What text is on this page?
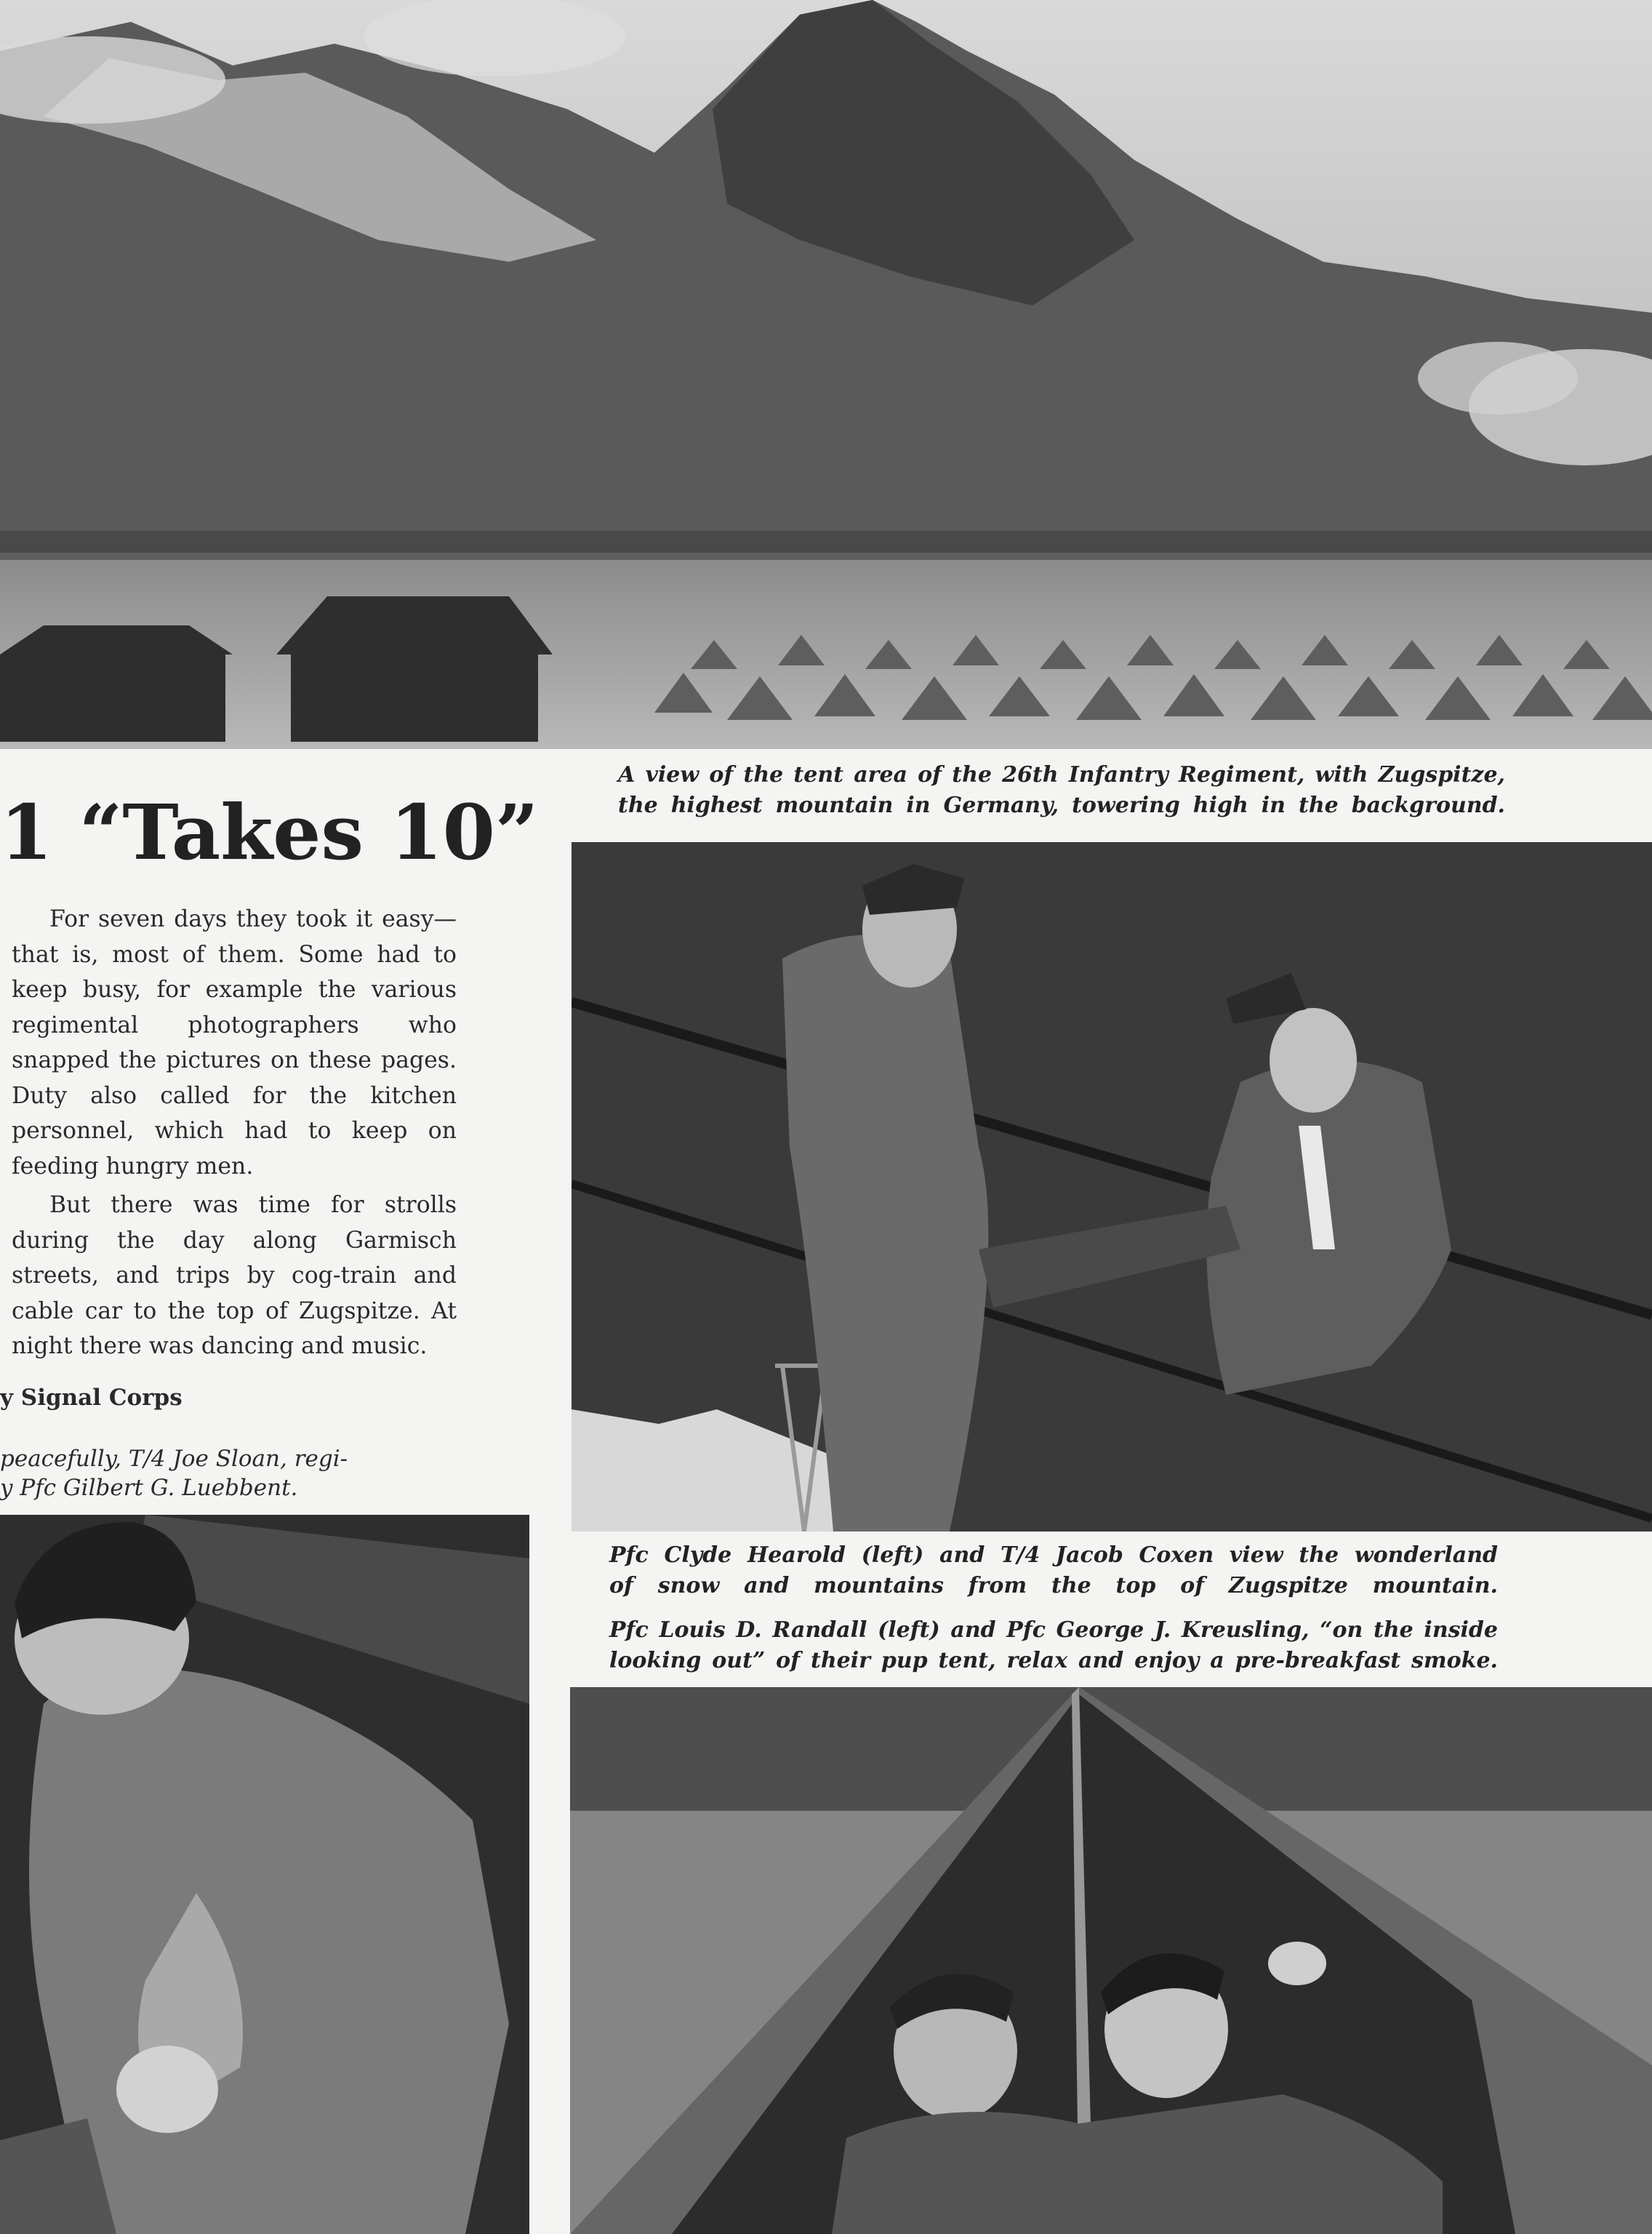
A view of the tent area of the 26th Infantry Regiment, with Zugspitze,
the highest mountain in Germany, towering high in the background.
1 “Takes 10”

For seven days they took it easy—that is, most of them. Some had to keep busy, for example the various regimental photographers who snapped the pictures on these pages. Duty also called for the kitchen personnel, which had to keep on feeding hungry men.

But there was time for strolls during the day along Garmisch streets, and trips by cog-train and cable car to the top of Zugspitze. At night there was dancing and music.

y Signal Corps
peacefully, T/4 Joe Sloan, regi-
y Pfc Gilbert G. Luebbent.
Pfc Clyde Hearold (left) and T/4 Jacob Coxen view the wonderland
of snow and mountains from the top of Zugspitze mountain.
Pfc Louis D. Randall (left) and Pfc George J. Kreusling, “on the inside
looking out” of their pup tent, relax and enjoy a pre-breakfast smoke.
